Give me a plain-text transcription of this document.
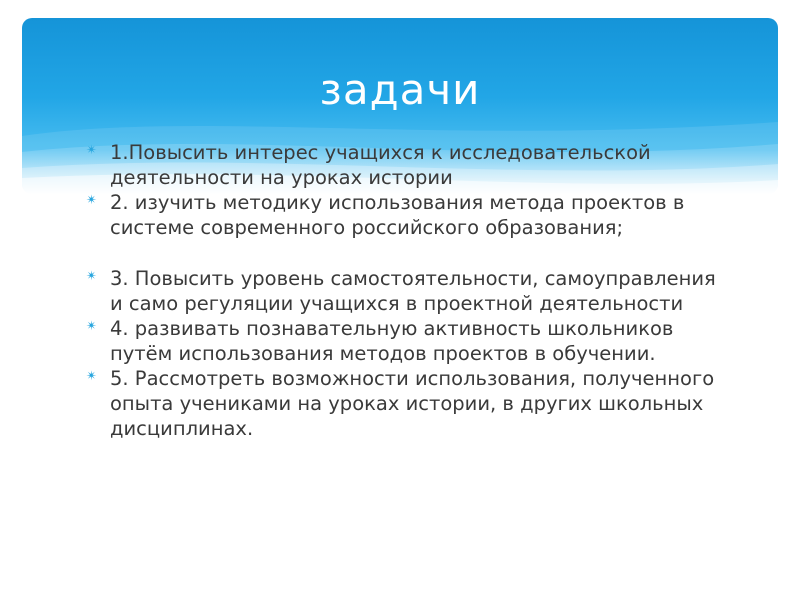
задачи
✴ 1.Повысить интерес учащихся к исследовательской деятельности на уроках истории
✴ 2. изучить методику использования метода проектов в системе современного российского образования;
✴ 3. Повысить уровень самостоятельности, самоуправления и само регуляции учащихся в проектной деятельности
✴ 4. развивать познавательную активность школьников путём использования методов проектов в обучении.
✴ 5. Рассмотреть возможности использования, полученного опыта учениками на уроках истории, в других школьных дисциплинах.
